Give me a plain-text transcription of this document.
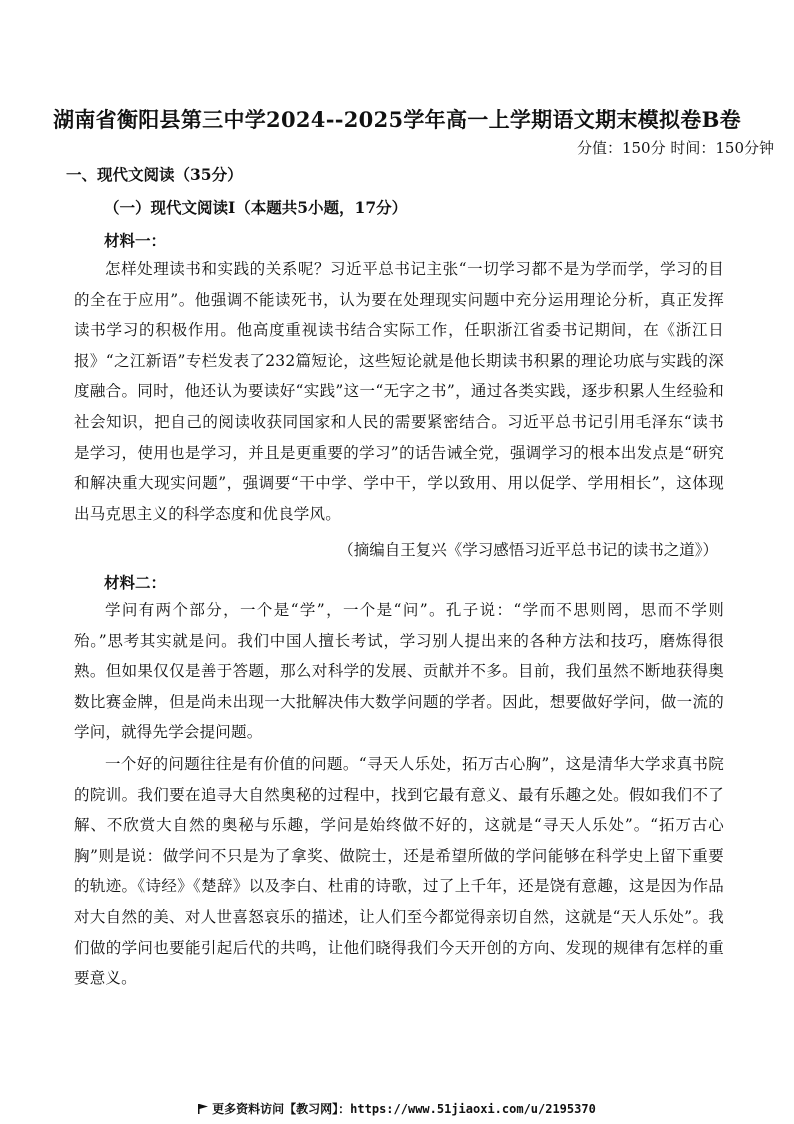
湖南省衡阳县第三中学2024--2025学年高一上学期语文期末模拟卷B卷
分值：150分 时间：150分钟
一、现代文阅读（35分）
（一）现代文阅读Ⅰ（本题共5小题，17分）
材料一：
怎样处理读书和实践的关系呢？习近平总书记主张“一切学习都不是为学而学，学习的目的全在于应用”。他强调不能读死书，认为要在处理现实问题中充分运用理论分析，真正发挥读书学习的积极作用。他高度重视读书结合实际工作，任职浙江省委书记期间，在《浙江日报》“之江新语”专栏发表了232篇短论，这些短论就是他长期读书积累的理论功底与实践的深度融合。同时，他还认为要读好“实践”这一“无字之书”，通过各类实践，逐步积累人生经验和社会知识，把自己的阅读收获同国家和人民的需要紧密结合。习近平总书记引用毛泽东“读书是学习，使用也是学习，并且是更重要的学习”的话告诫全党，强调学习的根本出发点是“研究和解决重大现实问题”，强调要“干中学、学中干，学以致用、用以促学、学用相长”，这体现出马克思主义的科学态度和优良学风。
（摘编自王复兴《学习感悟习近平总书记的读书之道》）
材料二：
学问有两个部分，一个是“学”，一个是“问”。孔子说：“学而不思则罔，思而不学则殆。”思考其实就是问。我们中国人擅长考试，学习别人提出来的各种方法和技巧，磨炼得很熟。但如果仅仅是善于答题，那么对科学的发展、贡献并不多。目前，我们虽然不断地获得奥数比赛金牌，但是尚未出现一大批解决伟大数学问题的学者。因此，想要做好学问，做一流的学问，就得先学会提问题。
一个好的问题往往是有价值的问题。“寻天人乐处，拓万古心胸”，这是清华大学求真书院的院训。我们要在追寻大自然奥秘的过程中，找到它最有意义、最有乐趣之处。假如我们不了解、不欣赏大自然的奥秘与乐趣，学问是始终做不好的，这就是“寻天人乐处”。“拓万古心胸”则是说：做学问不只是为了拿奖、做院士，还是希望所做的学问能够在科学史上留下重要的轨迹。《诗经》《楚辞》以及李白、杜甫的诗歌，过了上千年，还是饶有意趣，这是因为作品对大自然的美、对人世喜怒哀乐的描述，让人们至今都觉得亲切自然，这就是“天人乐处”。我们做的学问也要能引起后代的共鸣，让他们晓得我们今天开创的方向、发现的规律有怎样的重要意义。
更多资料访问【教习网】：https://www.51jiaoxi.com/u/2195370
